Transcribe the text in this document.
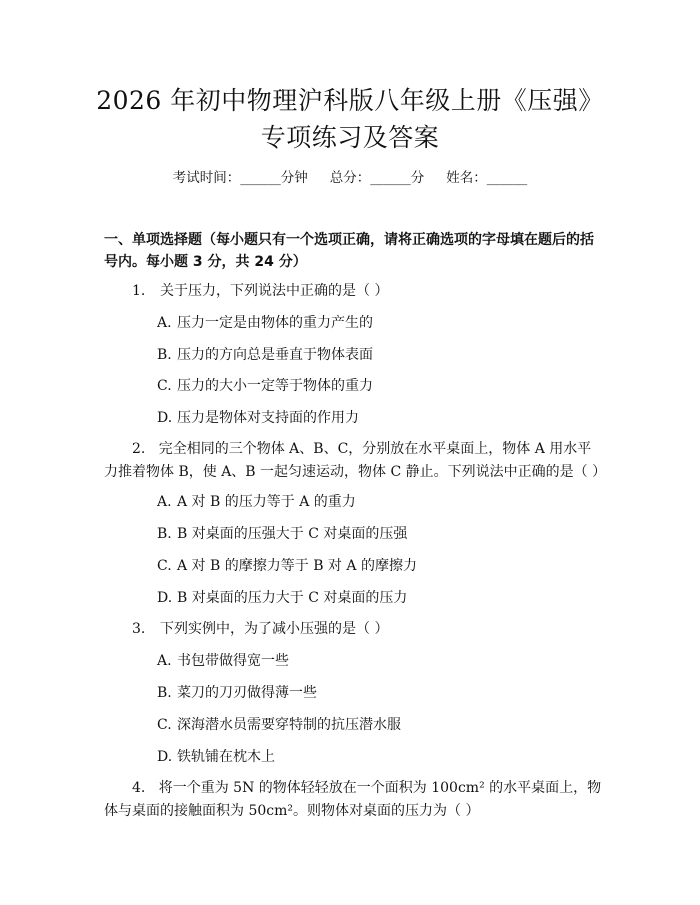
2026 年初中物理沪科版八年级上册《压强》
专项练习及答案
考试时间：______分钟 总分：______分 姓名：______
一、单项选择题（每小题只有一个选项正确，请将正确选项的字母填在题后的括号内。每小题 3 分，共 24 分）
1. 关于压力，下列说法中正确的是（ ）
A. 压力一定是由物体的重力产生的
B. 压力的方向总是垂直于物体表面
C. 压力的大小一定等于物体的重力
D. 压力是物体对支持面的作用力
2. 完全相同的三个物体 A、B、C，分别放在水平桌面上，物体 A 用水平力推着物体 B，使 A、B 一起匀速运动，物体 C 静止。下列说法中正确的是（ ）
A. A 对 B 的压力等于 A 的重力
B. B 对桌面的压强大于 C 对桌面的压强
C. A 对 B 的摩擦力等于 B 对 A 的摩擦力
D. B 对桌面的压力大于 C 对桌面的压力
3. 下列实例中，为了减小压强的是（ ）
A. 书包带做得宽一些
B. 菜刀的刀刃做得薄一些
C. 深海潜水员需要穿特制的抗压潜水服
D. 铁轨铺在枕木上
4. 将一个重为 5N 的物体轻轻放在一个面积为 100cm² 的水平桌面上，物体与桌面的接触面积为 50cm²。则物体对桌面的压力为（ ）
